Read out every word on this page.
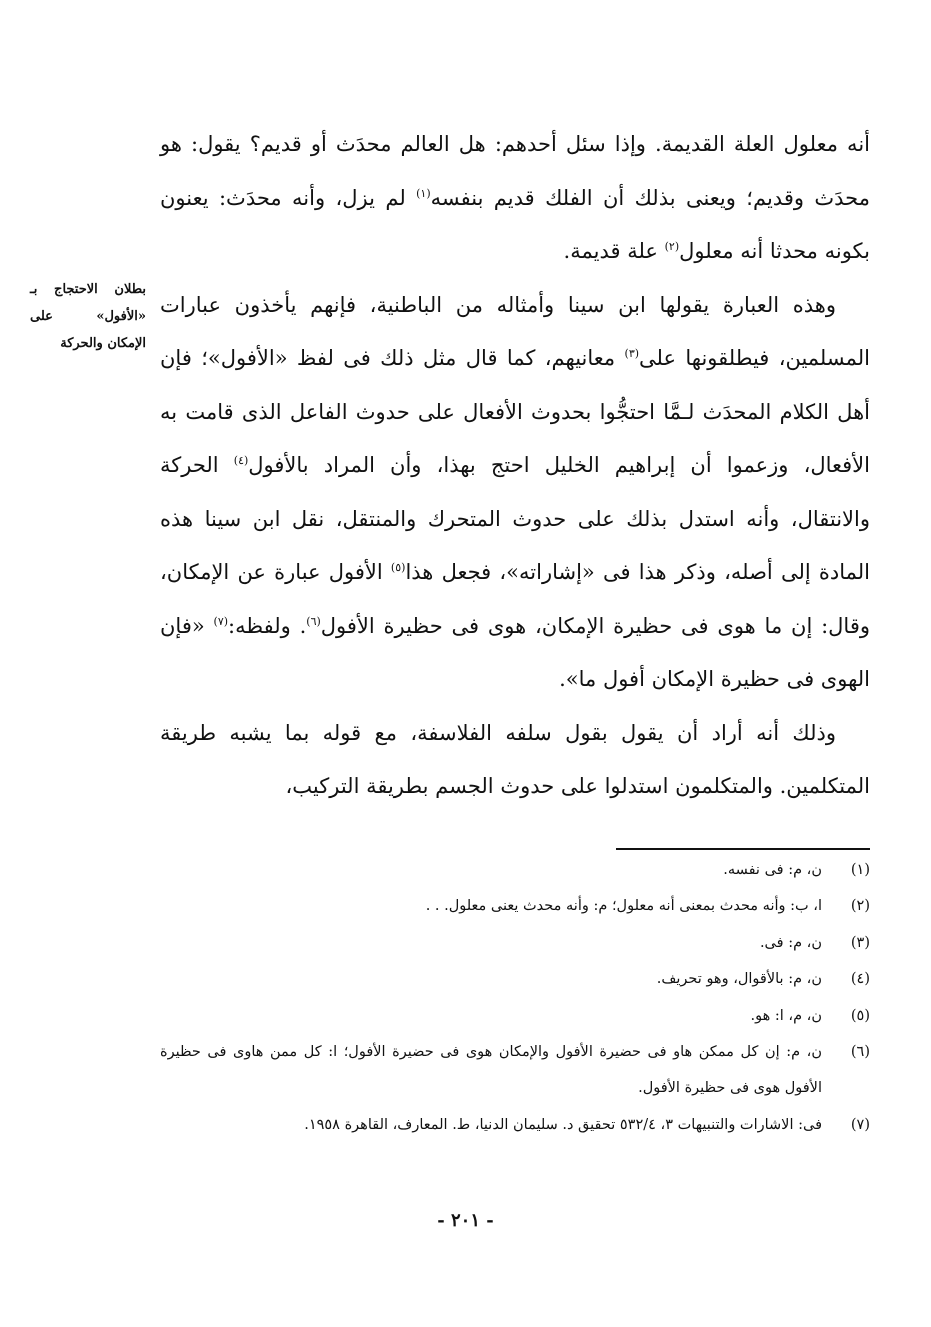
بطلان الاحتجاج بـ «الأفول» على الإمكان والحركة

أنه معلول العلة القديمة. وإذا سئل أحدهم: هل العالم محدَث أو قديم؟ يقول: هو محدَث وقديم؛ ويعنى بذلك أن الفلك قديم بنفسه$^{(١)}$ لم يزل، وأنه محدَث: يعنون بكونه محدثا أنه معلول$^{(٢)}$ علة قديمة.

وهذه العبارة يقولها ابن سينا وأمثاله من الباطنية، فإنهم يأخذون عبارات المسلمين، فيطلقونها على$^{(٣)}$ معانيهم، كما قال مثل ذلك فى لفظ «الأفول»؛ فإن أهل الكلام المحدَث لـمَّا احتجُّوا بحدوث الأفعال على حدوث الفاعل الذى قامت به الأفعال، وزعموا أن إبراهيم الخليل احتج بهذا، وأن المراد بالأفول$^{(٤)}$ الحركة والانتقال، وأنه استدل بذلك على حدوث المتحرك والمنتقل، نقل ابن سينا هذه المادة إلى أصله، وذكر هذا فى «إشاراته»، فجعل هذا$^{(٥)}$ الأفول عبارة عن الإمكان، وقال: إن ما هوى فى حظيرة الإمكان، هوى فى حظيرة الأفول$^{(٦)}$. ولفظه:$^{(٧)}$ «فإن الهوى فى حظيرة الإمكان أفول ما».

وذلك أنه أراد أن يقول بقول سلفه الفلاسفة، مع قوله بما يشبه طريقة المتكلمين. والمتكلمون استدلوا على حدوث الجسم بطريقة التركيب،

(١)
ن، م: فى نفسه.
(٢)
ا، ب: وأنه محدث بمعنى أنه معلول؛ م: وأنه محدث يعنى معلول. . .
(٣)
ن، م: فى.
(٤)
ن، م: بالأقوال، وهو تحريف.
(٥)
ن، م، ا: هو.
(٦)
ن، م: إن كل ممكن هاو فى حضيرة الأفول والإمكان هوى فى حضيرة الأفول؛ ا: كل ممن هاوى فى حظيرة الأفول هوى فى حظيرة الأفول.
(٧)
فى: الاشارات والتنبيهات ٣، ٥٣٢/٤ تحقيق د. سليمان الدنيا، ط. المعارف، القاهرة ١٩٥٨.
- ٢٠١ -
